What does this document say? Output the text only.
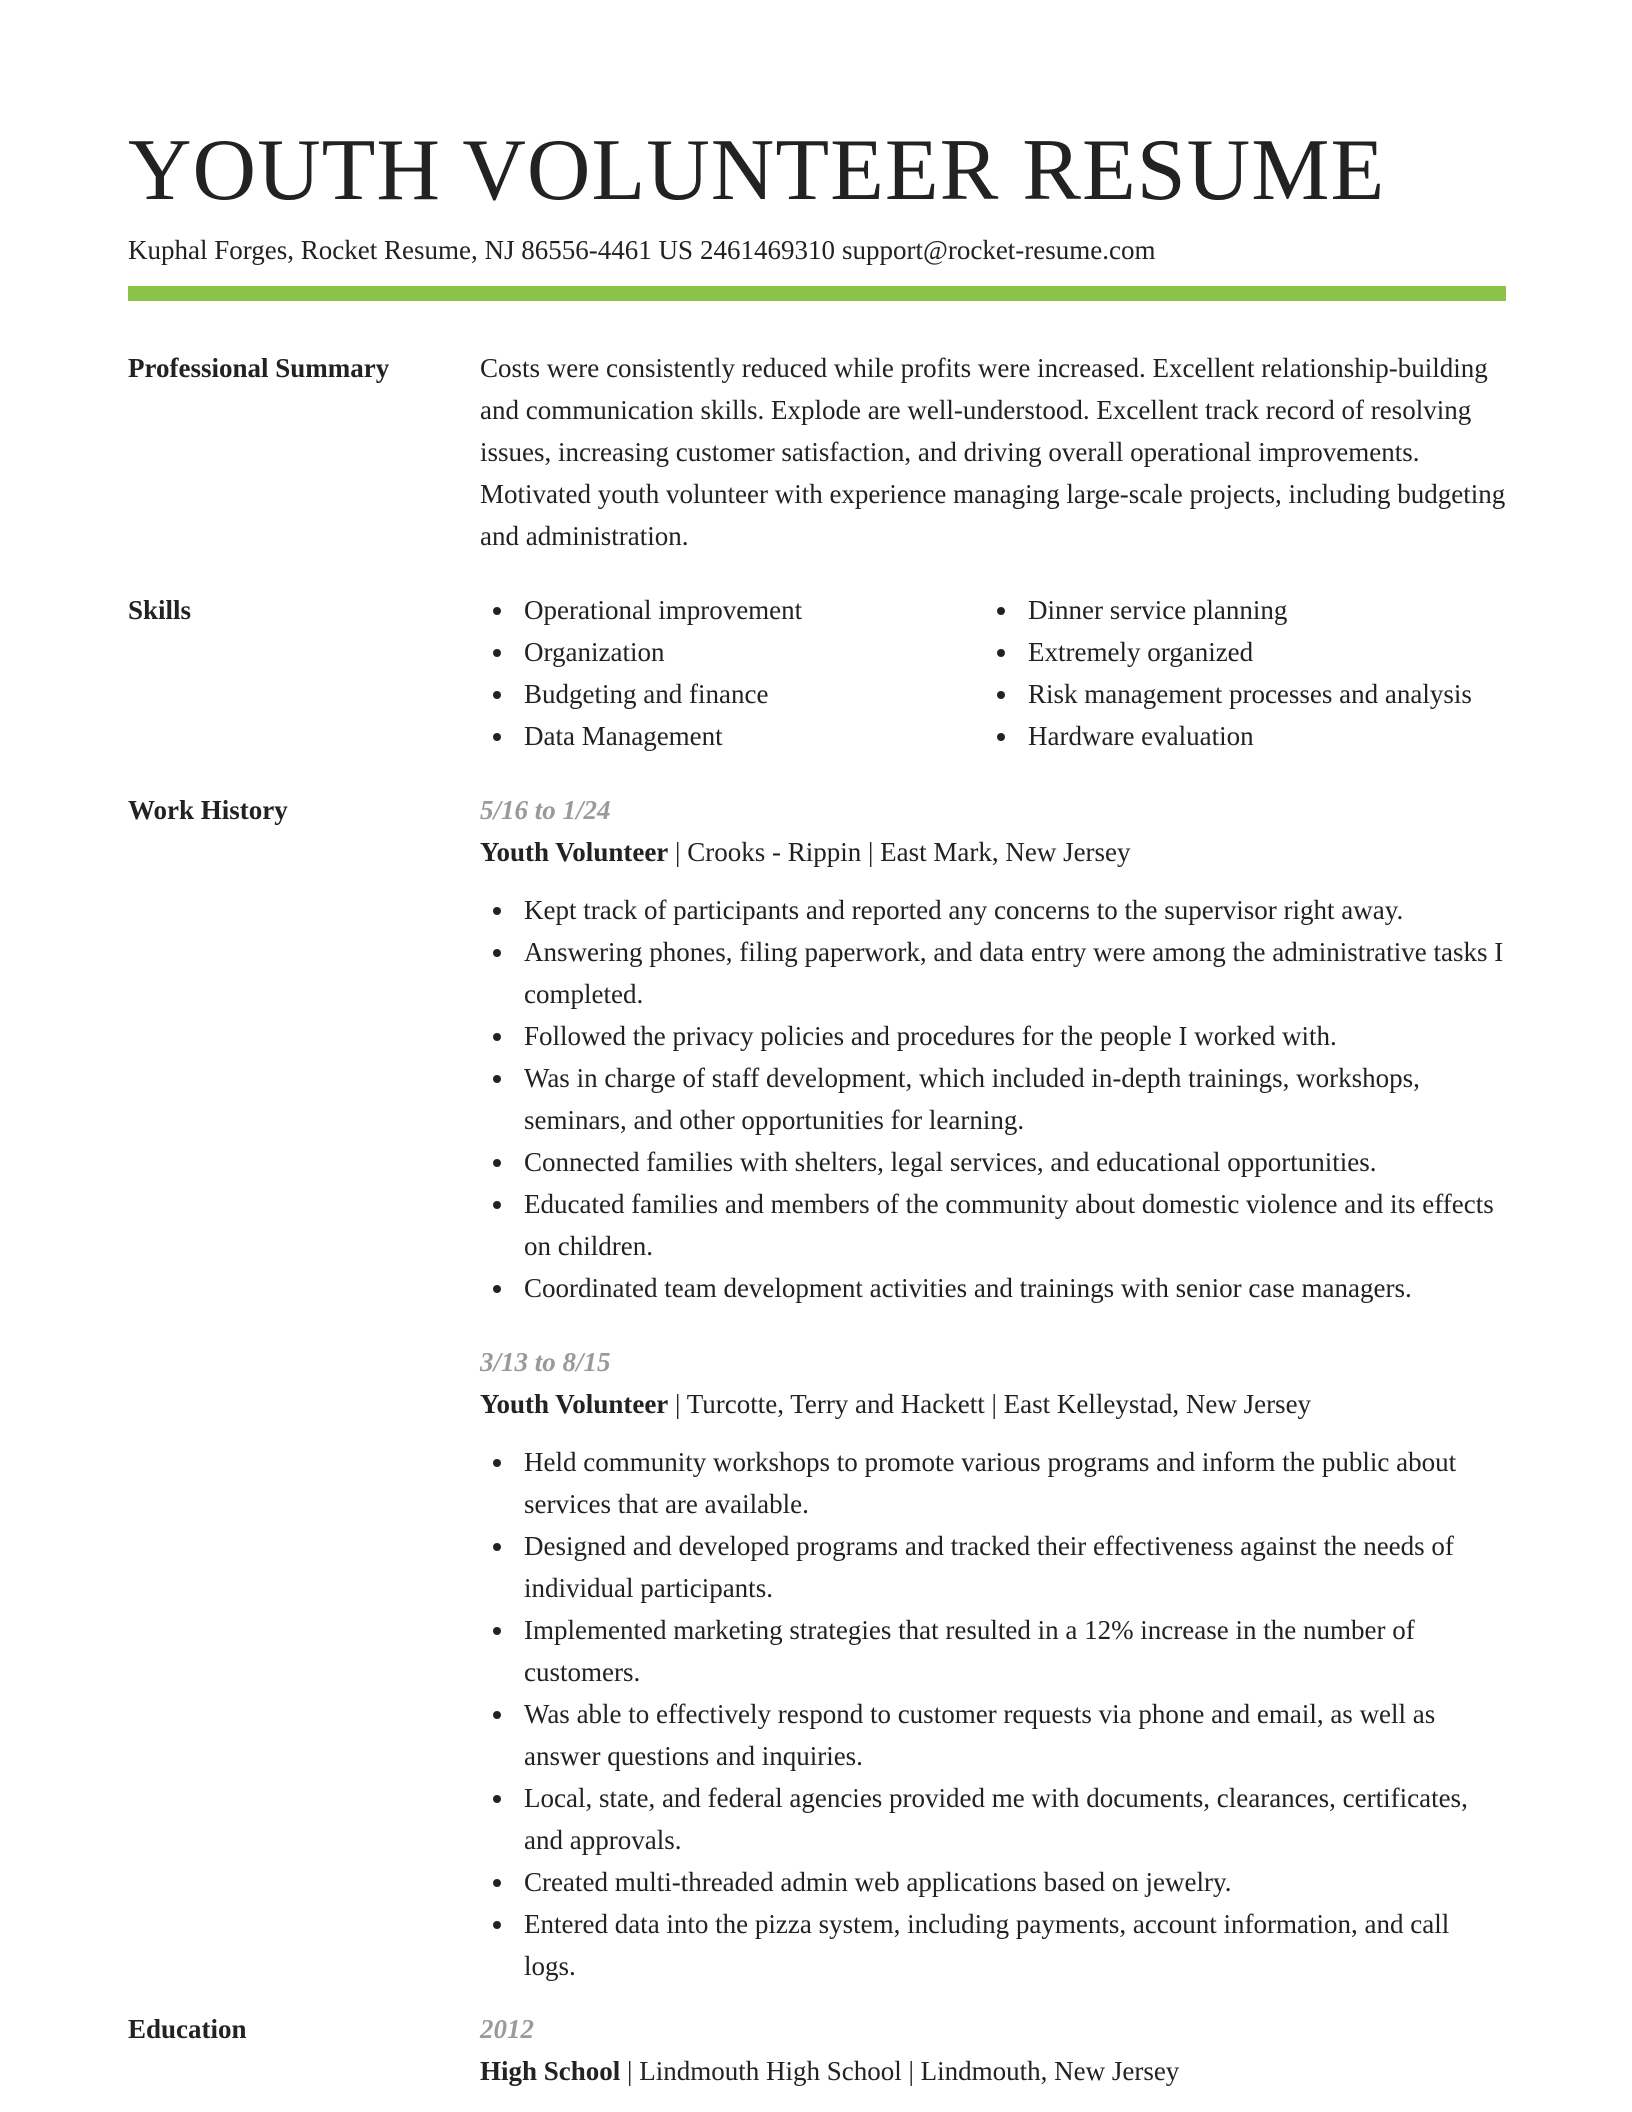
YOUTH VOLUNTEER RESUME
Kuphal Forges, Rocket Resume, NJ 86556-4461 US 2461469310 support@rocket-resume.com
Professional Summary	Costs were consistently reduced while profits were increased. Excellent relationship-building and communication skills. Explode are well-understood. Excellent track record of resolving issues, increasing customer satisfaction, and driving overall operational improvements. Motivated youth volunteer with experience managing large-scale projects, including budgeting and administration.

Skills	Operational improvement
Organization
Budgeting and finance
Data Management
Dinner service planning
Extremely organized
Risk management processes and analysis
Hardware evaluation
Work History	5/16 to 1/24
Youth Volunteer | Crooks - Rippin | East Mark, New Jersey
Kept track of participants and reported any concerns to the supervisor right away.
Answering phones, filing paperwork, and data entry were among the administrative tasks I completed.
Followed the privacy policies and procedures for the people I worked with.
Was in charge of staff development, which included in-depth trainings, workshops, seminars, and other opportunities for learning.
Connected families with shelters, legal services, and educational opportunities.
Educated families and members of the community about domestic violence and its effects on children.
Coordinated team development activities and trainings with senior case managers.
3/13 to 8/15
Youth Volunteer | Turcotte, Terry and Hackett | East Kelleystad, New Jersey
Held community workshops to promote various programs and inform the public about services that are available.
Designed and developed programs and tracked their effectiveness against the needs of individual participants.
Implemented marketing strategies that resulted in a 12% increase in the number of customers.
Was able to effectively respond to customer requests via phone and email, as well as answer questions and inquiries.
Local, state, and federal agencies provided me with documents, clearances, certificates, and approvals.
Created multi-threaded admin web applications based on jewelry.
Entered data into the pizza system, including payments, account information, and call logs.
Education	2012
High School | Lindmouth High School | Lindmouth, New Jersey
